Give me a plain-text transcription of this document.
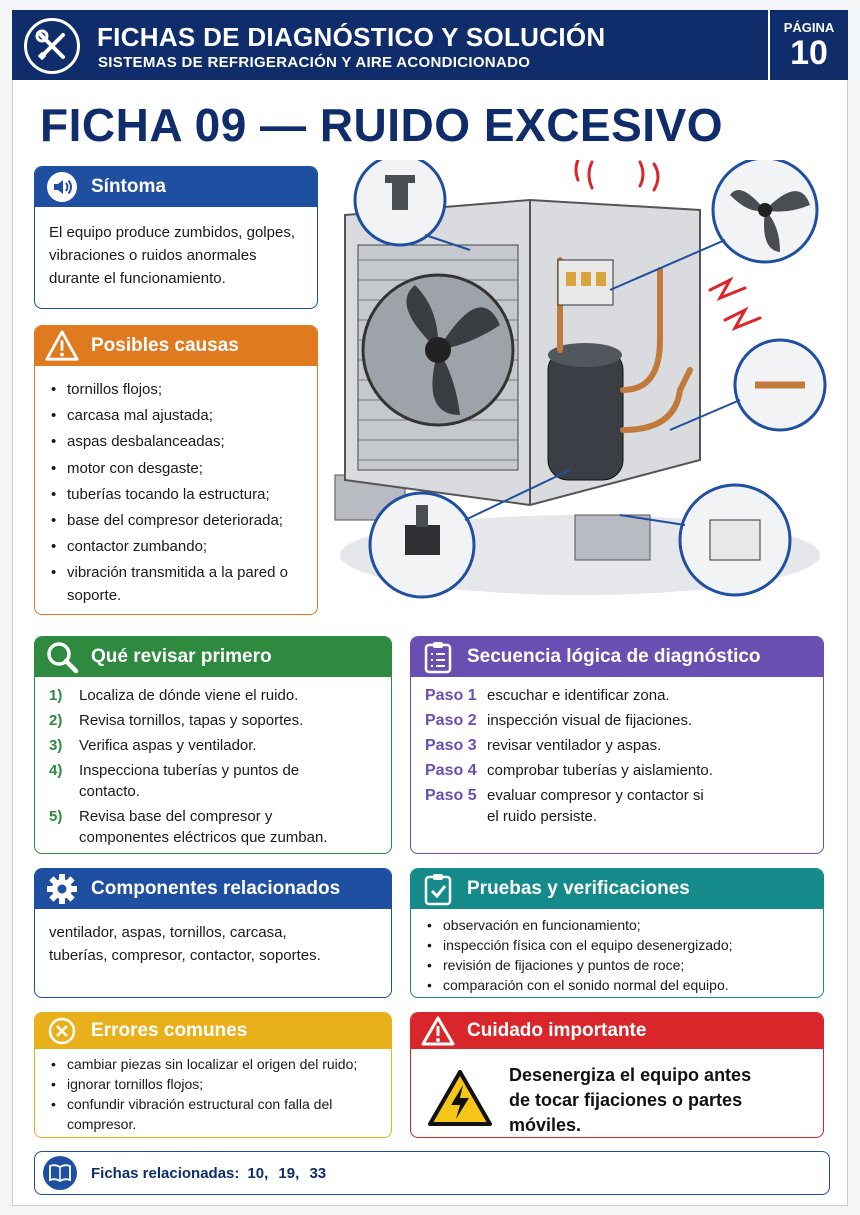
FICHAS DE DIAGNÓSTICO Y SOLUCIÓN
SISTEMAS DE REFRIGERACIÓN Y AIRE ACONDICIONADO
PÁGINA
10
FICHA 09 — RUIDO EXCESIVO
Síntoma
El equipo produce zumbidos, golpes, vibraciones o ruidos anormales durante el funcionamiento.
Posibles causas
• tornillos flojos;
• carcasa mal ajustada;
• aspas desbalanceadas;
• motor con desgaste;
• tuberías tocando la estructura;
• base del compresor deteriorada;
• contactor zumbando;
• vibración transmitida a la pared o soporte.
Qué revisar primero
1)	Localiza de dónde viene el ruido.
2)	Revisa tornillos, tapas y soportes.
3)	Verifica aspas y ventilador.
4)	Inspecciona tuberías y puntos de contacto.
5)	Revisa base del compresor y componentes eléctricos que zumban.
Secuencia lógica de diagnóstico
Paso 1 escuchar e identificar zona.
Paso 2 inspección visual de fijaciones.
Paso 3 revisar ventilador y aspas.
Paso 4 comprobar tuberías y aislamiento.
Paso 5 evaluar compresor y contactor si el ruido persiste.
Componentes relacionados
ventilador, aspas, tornillos, carcasa, tuberías, compresor, contactor, soportes.
Pruebas y verificaciones
• observación en funcionamiento;
• inspección física con el equipo desenergizado;
• revisión de fijaciones y puntos de roce;
• comparación con el sonido normal del equipo.
Errores comunes
• cambiar piezas sin localizar el origen del ruido;
• ignorar tornillos flojos;
• confundir vibración estructural con falla del compresor.
Cuidado importante
Desenergiza el equipo antes
de tocar fijaciones o partes móviles.
Fichas relacionadas: 10, 19, 33
